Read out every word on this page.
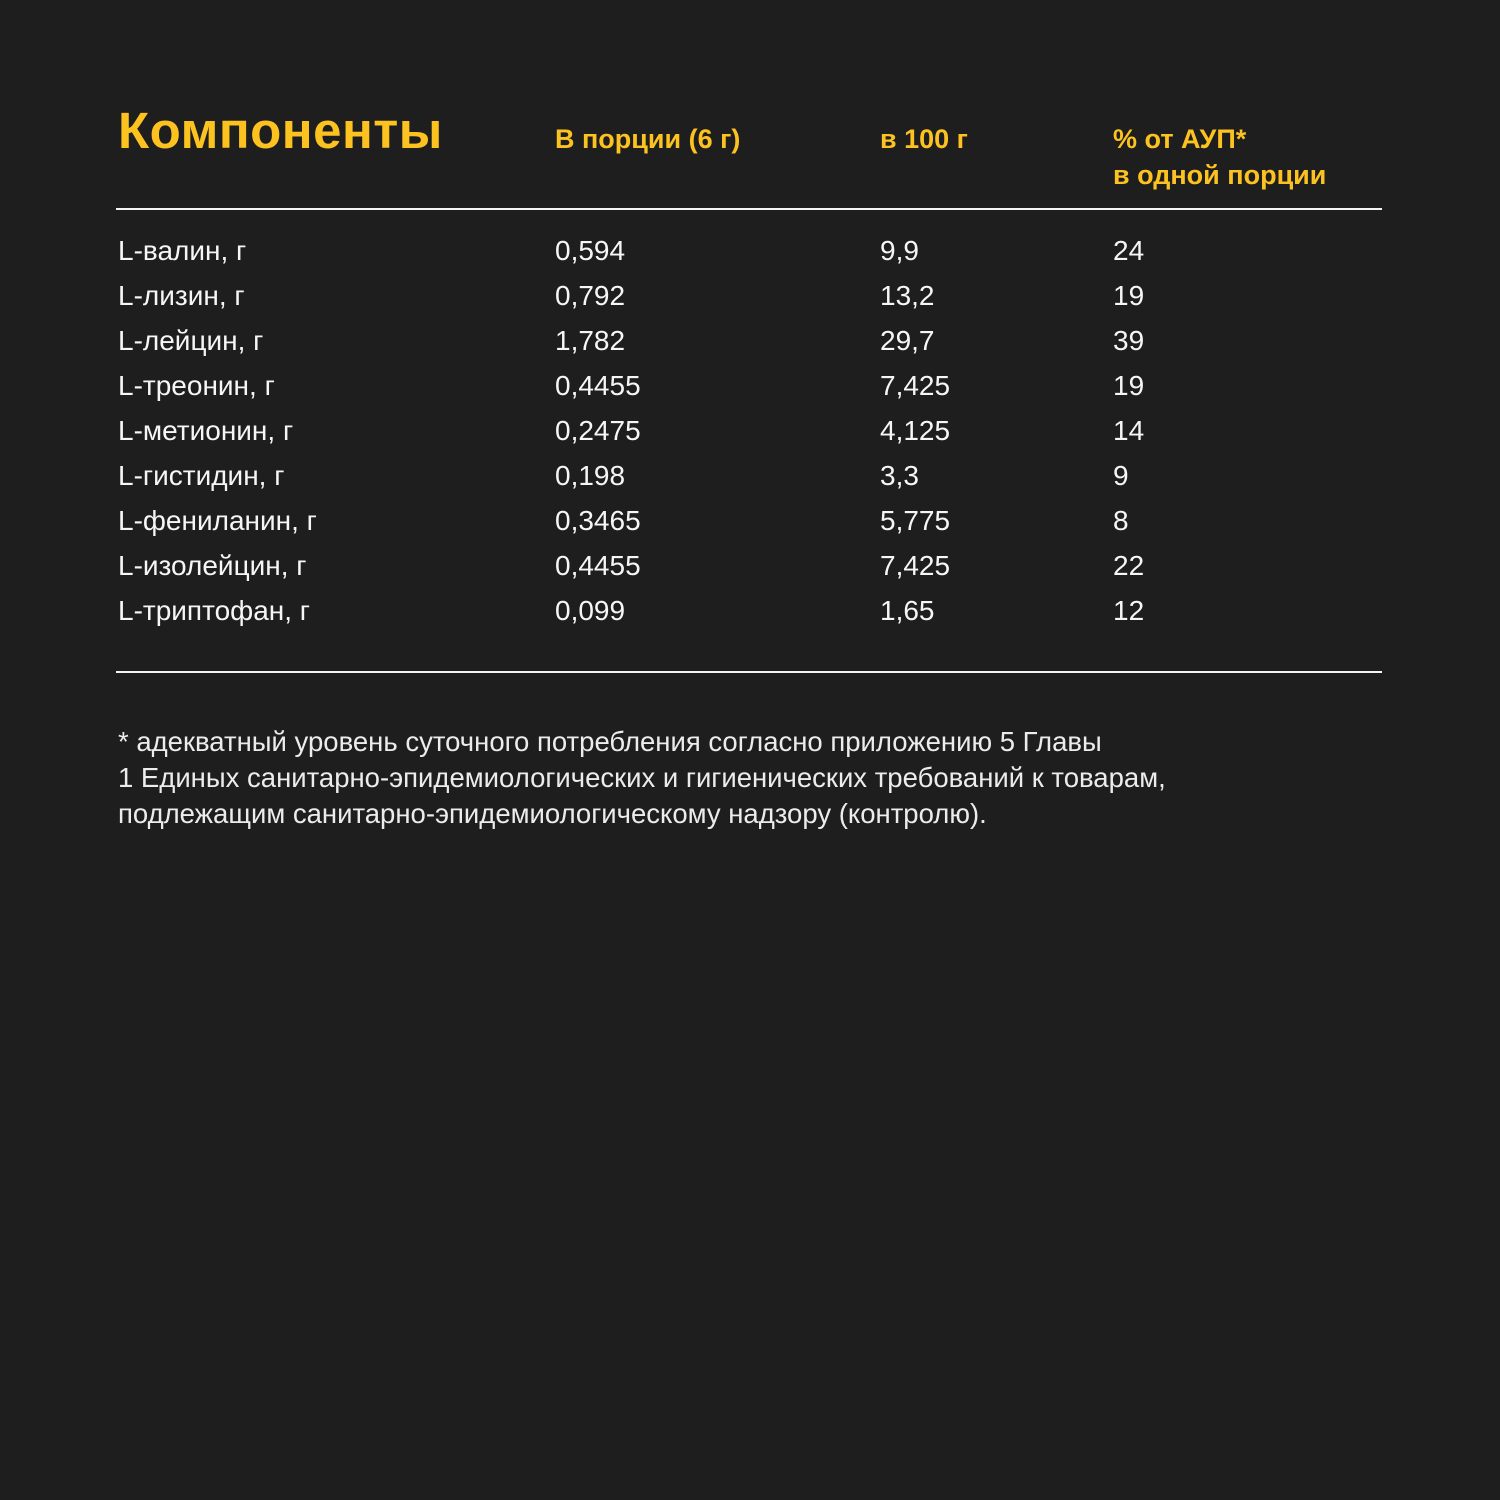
Компоненты	В порции (6 г)	в 100 г	% от АУП*
в одной порции
L-валин, г	0,594	9,9	24
L-лизин, г	0,792	13,2	19
L-лейцин, г	1,782	29,7	39
L-треонин, г	0,4455	7,425	19
L-метионин, г	0,2475	4,125	14
L-гистидин, г	0,198	3,3	9
L-фениланин, г	0,3465	5,775	8
L-изолейцин, г	0,4455	7,425	22
L-триптофан, г	0,099	1,65	12
* адекватный уровень суточного потребления согласно приложению 5 Главы
1 Единых санитарно-эпидемиологических и гигиенических требований к товарам,
подлежащим санитарно-эпидемиологическому надзору (контролю).
